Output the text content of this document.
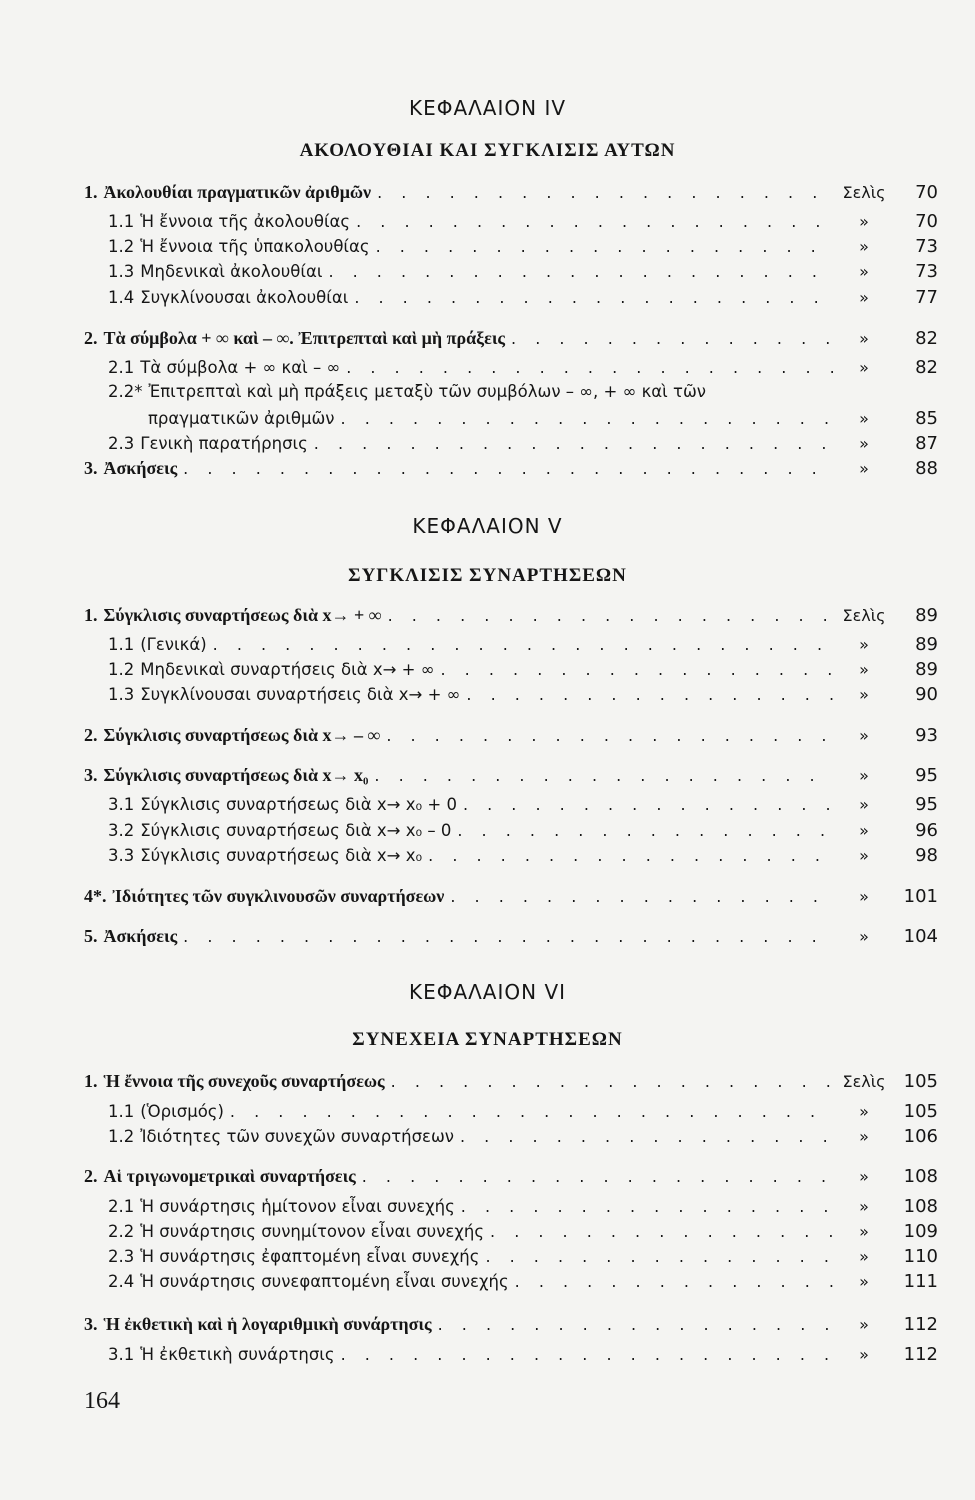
ΚΕΦΑΛΑΙΟΝ IV
ΑΚΟΛΟΥΘΙΑΙ ΚΑΙ ΣΥΓΚΛΙΣΙΣ ΑΥΤΩΝ
1. Ἀκολουθίαι πραγματικῶν ἀριθμῶν . . .	Σελὶς	70
1.1 Ἡ ἔννοια τῆς ἀκολουθίας . . .	»	70
1.2 Ἡ ἔννοια τῆς ὑπακολουθίας . . .	»	73
1.3 Μηδενικαὶ ἀκολουθίαι . . .	»	73
1.4 Συγκλίνουσαι ἀκολουθίαι . . .	»	77
2. Τὰ σύμβολα + ∞ καὶ – ∞. Ἐπιτρεπταὶ καὶ μὴ πράξεις . . .	»	82
2.1 Τὰ σύμβολα + ∞ καὶ – ∞ . . .	»	82
2.2* Ἐπιτρεπταὶ καὶ μὴ πράξεις μεταξὺ τῶν συμβόλων – ∞, + ∞ καὶ τῶν
πραγματικῶν ἀριθμῶν . . .	»	85
2.3 Γενικὴ παρατήρησις . . .	»	87
3. Ἀσκήσεις . . .	»	88
ΚΕΦΑΛΑΙΟΝ V
ΣΥΓΚΛΙΣΙΣ ΣΥΝΑΡΤΗΣΕΩΝ
1. Σύγκλισις συναρτήσεως διὰ x→ + ∞ . . .	Σελὶς	89
1.1 (Γενικά) . . .	»	89
1.2 Μηδενικαὶ συναρτήσεις διὰ x→ + ∞ . . .	»	89
1.3 Συγκλίνουσαι συναρτήσεις διὰ x→ + ∞ . . .	»	90
2. Σύγκλισις συναρτήσεως διὰ x→ – ∞ . . .	»	93
3. Σύγκλισις συναρτήσεως διὰ x→ x₀ . . .	»	95
3.1 Σύγκλισις συναρτήσεως διὰ x→ x₀ + 0 . . .	»	95
3.2 Σύγκλισις συναρτήσεως διὰ x→ x₀ – 0 . . .	»	96
3.3 Σύγκλισις συναρτήσεως διὰ x→ x₀ . . .	»	98
4*. Ἰδιότητες τῶν συγκλινουσῶν συναρτήσεων . . .	»	101
5. Ἀσκήσεις . . .	»	104
ΚΕΦΑΛΑΙΟΝ VI
ΣΥΝΕΧΕΙΑ ΣΥΝΑΡΤΗΣΕΩΝ
1. Ἡ ἔννοια τῆς συνεχοῦς συναρτήσεως . . .	Σελὶς	105
1.1 (Ὁρισμός) . . .	»	105
1.2 Ἰδιότητες τῶν συνεχῶν συναρτήσεων . . .	»	106
2. Αἱ τριγωνομετρικαὶ συναρτήσεις . . .	»	108
2.1 Ἡ συνάρτησις ἡμίτονον εἶναι συνεχής . . .	»	108
2.2 Ἡ συνάρτησις συνημίτονον εἶναι συνεχής . . .	»	109
2.3 Ἡ συνάρτησις ἐφαπτομένη εἶναι συνεχής . . .	»	110
2.4 Ἡ συνάρτησις συνεφαπτομένη εἶναι συνεχής . . .	»	111
3. Ἡ ἐκθετικὴ καὶ ἡ λογαριθμικὴ συνάρτησις . . .	»	112
3.1 Ἡ ἐκθετικὴ συνάρτησις . . .	»	112
164
